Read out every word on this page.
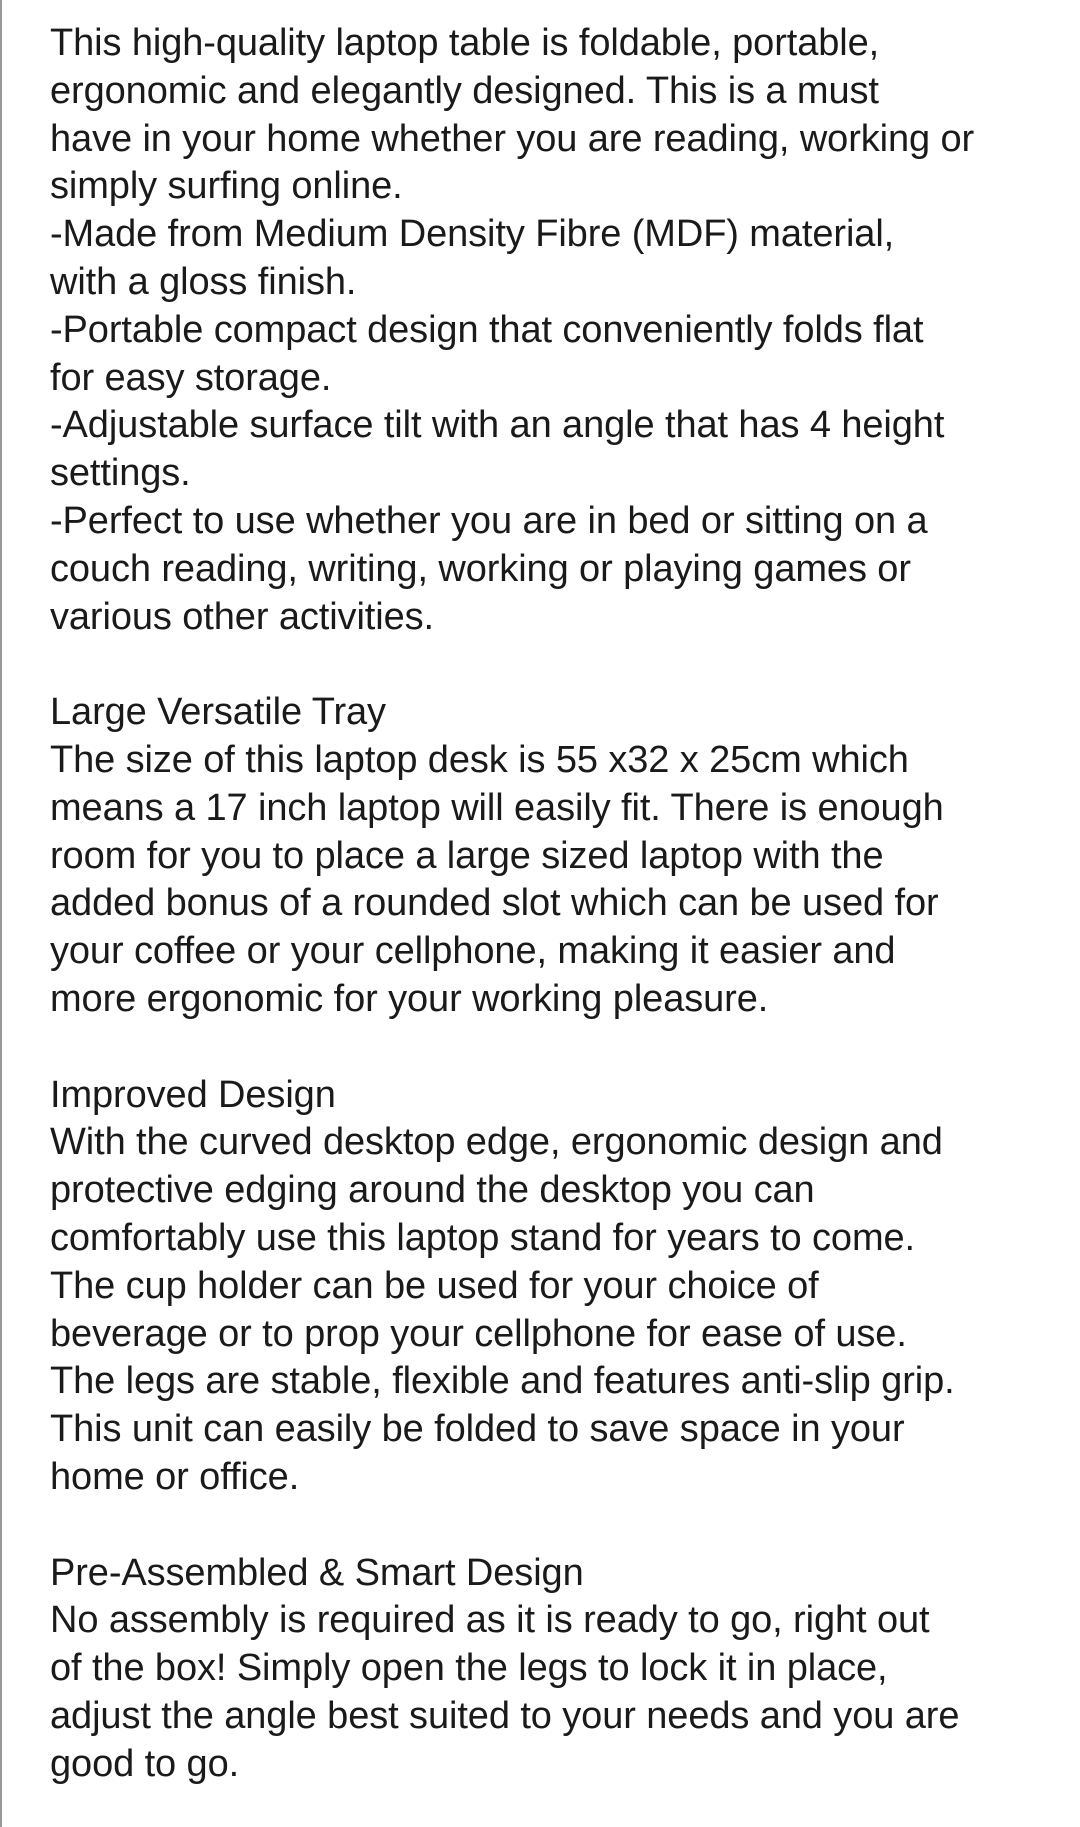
This high-quality laptop table is foldable, portable,
ergonomic and elegantly designed. This is a must
have in your home whether you are reading, working or
simply surfing online.
-Made from Medium Density Fibre (MDF) material,
with a gloss finish.
-Portable compact design that conveniently folds flat
for easy storage.
-Adjustable surface tilt with an angle that has 4 height
settings.
-Perfect to use whether you are in bed or sitting on a
couch reading, writing, working or playing games or
various other activities.
Large Versatile Tray
The size of this laptop desk is 55 x32 x 25cm which
means a 17 inch laptop will easily fit. There is enough
room for you to place a large sized laptop with the
added bonus of a rounded slot which can be used for
your coffee or your cellphone, making it easier and
more ergonomic for your working pleasure.
Improved Design
With the curved desktop edge, ergonomic design and
protective edging around the desktop you can
comfortably use this laptop stand for years to come.
The cup holder can be used for your choice of
beverage or to prop your cellphone for ease of use.
The legs are stable, flexible and features anti-slip grip.
This unit can easily be folded to save space in your
home or office.
Pre-Assembled & Smart Design
No assembly is required as it is ready to go, right out
of the box! Simply open the legs to lock it in place,
adjust the angle best suited to your needs and you are
good to go.
